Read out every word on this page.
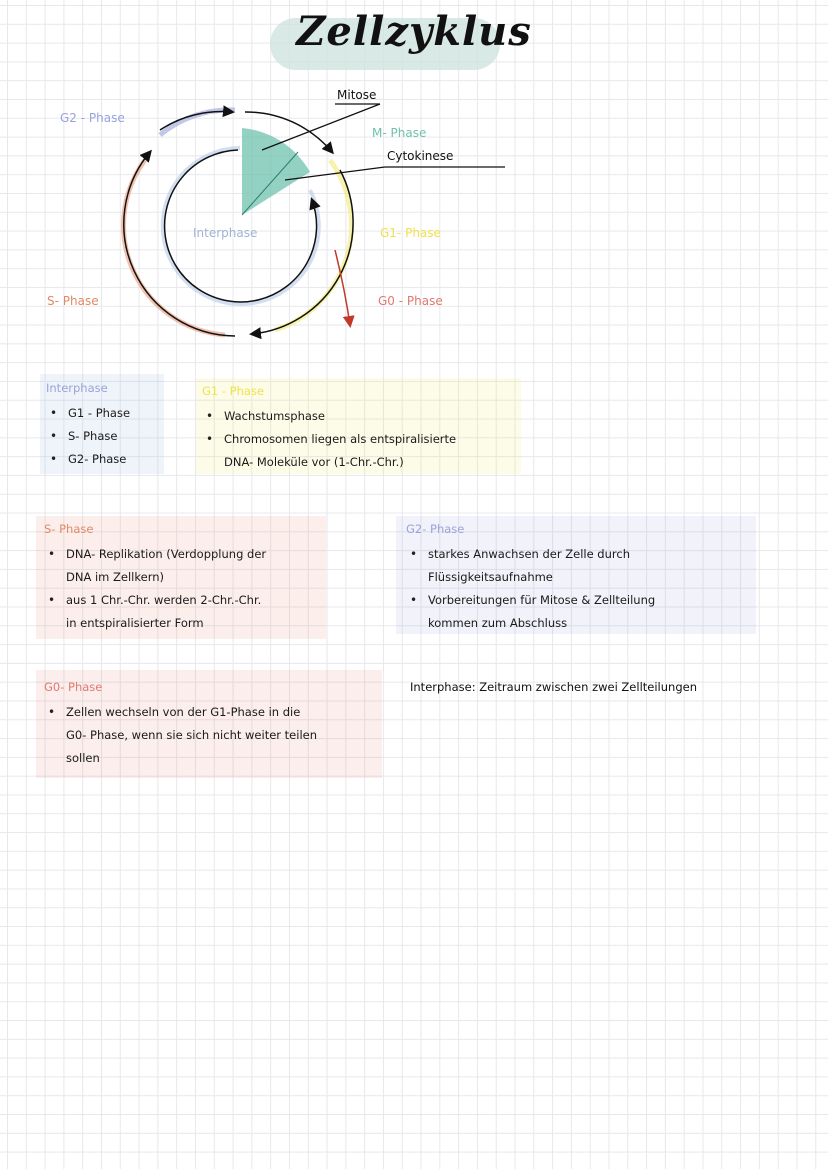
Zellzyklus
Mitose
M- Phase
Cytokinese
G2 - Phase
Interphase	G1- Phase
S- Phase	G0 - Phase
Interphase
• G1 - Phase
• S- Phase
• G2- Phase
G1 - Phase
• Wachstumsphase
• Chromosomen liegen als entspiralisierte
DNA- Moleküle vor (1-Chr.-Chr.)
S- Phase
• DNA- Replikation (Verdopplung der
DNA im Zellkern)
• aus 1 Chr.-Chr. werden 2-Chr.-Chr.
in entspiralisierter Form
G2- Phase
• starkes Anwachsen der Zelle durch
Flüssigkeitsaufnahme
• Vorbereitungen für Mitose & Zellteilung
kommen zum Abschluss
G0- Phase
• Zellen wechseln von der G1-Phase in die
G0- Phase, wenn sie sich nicht weiter teilen
sollen
Interphase: Zeitraum zwischen zwei Zellteilungen
